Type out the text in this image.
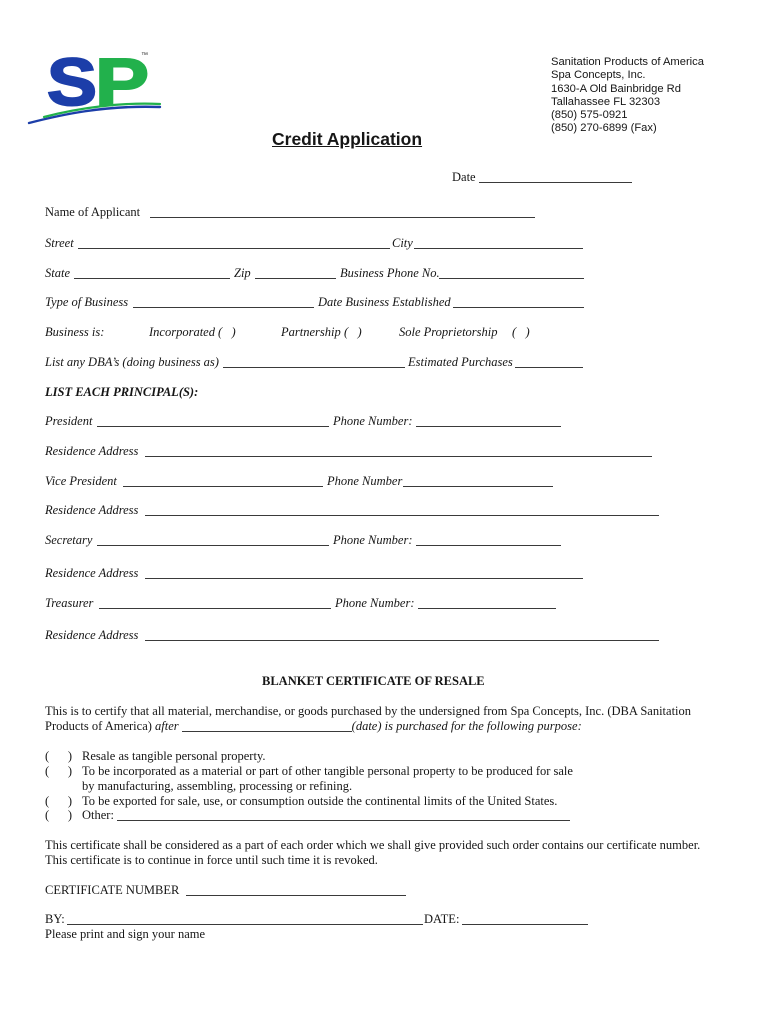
S
P
™
Sanitation Products of America
Spa Concepts, Inc.
1630-A Old Bainbridge Rd
Tallahassee FL 32303
(850) 575-0921
(850) 270-6899 (Fax)
Credit Application
Date
Name of Applicant
Street	City
State	Zip	Business Phone No.
Type of Business	Date Business Established
Business is:	Incorporated (   )	Partnership (   )	Sole Proprietorship (   )
List any DBA’s (doing business as)	Estimated Purchases
LIST EACH PRINCIPAL(S):
President	Phone Number:
Residence Address
Vice President	Phone Number
Residence Address
Secretary	Phone Number:
Residence Address
Treasurer	Phone Number:
Residence Address
BLANKET CERTIFICATE OF RESALE
This is to certify that all material, merchandise, or goods purchased by the undersigned from Spa Concepts, Inc. (DBA Sanitation
Products of America) after	(date) is purchased for the following purpose:
(      ) Resale as tangible personal property.
(      ) To be incorporated as a material or part of other tangible personal property to be produced for sale
by manufacturing, assembling, processing or refining.
(      ) To be exported for sale, use, or consumption outside the continental limits of the United States.
(      ) Other:
This certificate shall be considered as a part of each order which we shall give provided such order contains our certificate number.
This certificate is to continue in force until such time it is revoked.
CERTIFICATE NUMBER
BY:	DATE:
Please print and sign your name
